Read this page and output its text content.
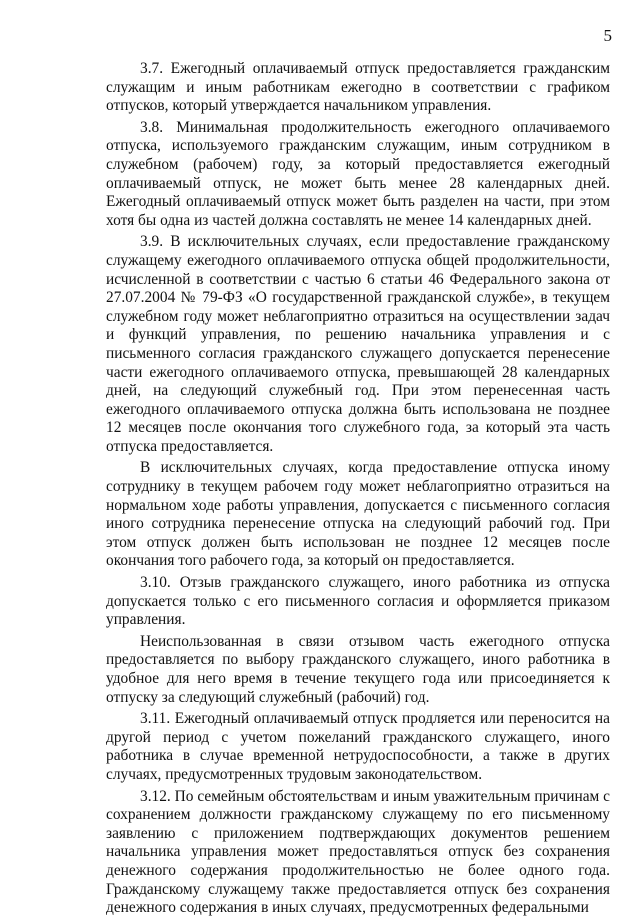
5

3.7. Ежегодный оплачиваемый отпуск предоставляется гражданским служащим и иным работникам ежегодно в соответствии с графиком отпусков, который утверждается начальником управления.

3.8. Минимальная продолжительность ежегодного оплачиваемого отпуска, используемого гражданским служащим, иным сотрудником в служебном (рабочем) году, за который предоставляется ежегодный оплачиваемый отпуск, не может быть менее 28 календарных дней. Ежегодный оплачиваемый отпуск может быть разделен на части, при этом хотя бы одна из частей должна составлять не менее 14 календарных дней.

3.9. В исключительных случаях, если предоставление гражданскому служащему ежегодного оплачиваемого отпуска общей продолжительности, исчисленной в соответствии с частью 6 статьи 46 Федерального закона от 27.07.2004 № 79-ФЗ «О государственной гражданской службе», в текущем служебном году может неблагоприятно отразиться на осуществлении задач и функций управления, по решению начальника управления и с письменного согласия гражданского служащего допускается перенесение части ежегодного оплачиваемого отпуска, превышающей 28 календарных дней, на следующий служебный год. При этом перенесенная часть ежегодного оплачиваемого отпуска должна быть использована не позднее 12 месяцев после окончания того служебного года, за который эта часть отпуска предоставляется.

В исключительных случаях, когда предоставление отпуска иному сотруднику в текущем рабочем году может неблагоприятно отразиться на нормальном ходе работы управления, допускается с письменного согласия иного сотрудника перенесение отпуска на следующий рабочий год. При этом отпуск должен быть использован не позднее 12 месяцев после окончания того рабочего года, за который он предоставляется.

3.10. Отзыв гражданского служащего, иного работника из отпуска допускается только с его письменного согласия и оформляется приказом управления.

Неиспользованная в связи отзывом часть ежегодного отпуска предоставляется по выбору гражданского служащего, иного работника в удобное для него время в течение текущего года или присоединяется к отпуску за следующий служебный (рабочий) год.

3.11. Ежегодный оплачиваемый отпуск продляется или переносится на другой период с учетом пожеланий гражданского служащего, иного работника в случае временной нетрудоспособности, а также в других случаях, предусмотренных трудовым законодательством.

3.12. По семейным обстоятельствам и иным уважительным причинам с сохранением должности гражданскому служащему по его письменному заявлению с приложением подтверждающих документов решением начальника управления может предоставляться отпуск без сохранения денежного содержания продолжительностью не более одного года. Гражданскому служащему также предоставляется отпуск без сохранения денежного содержания в иных случаях, предусмотренных федеральными
